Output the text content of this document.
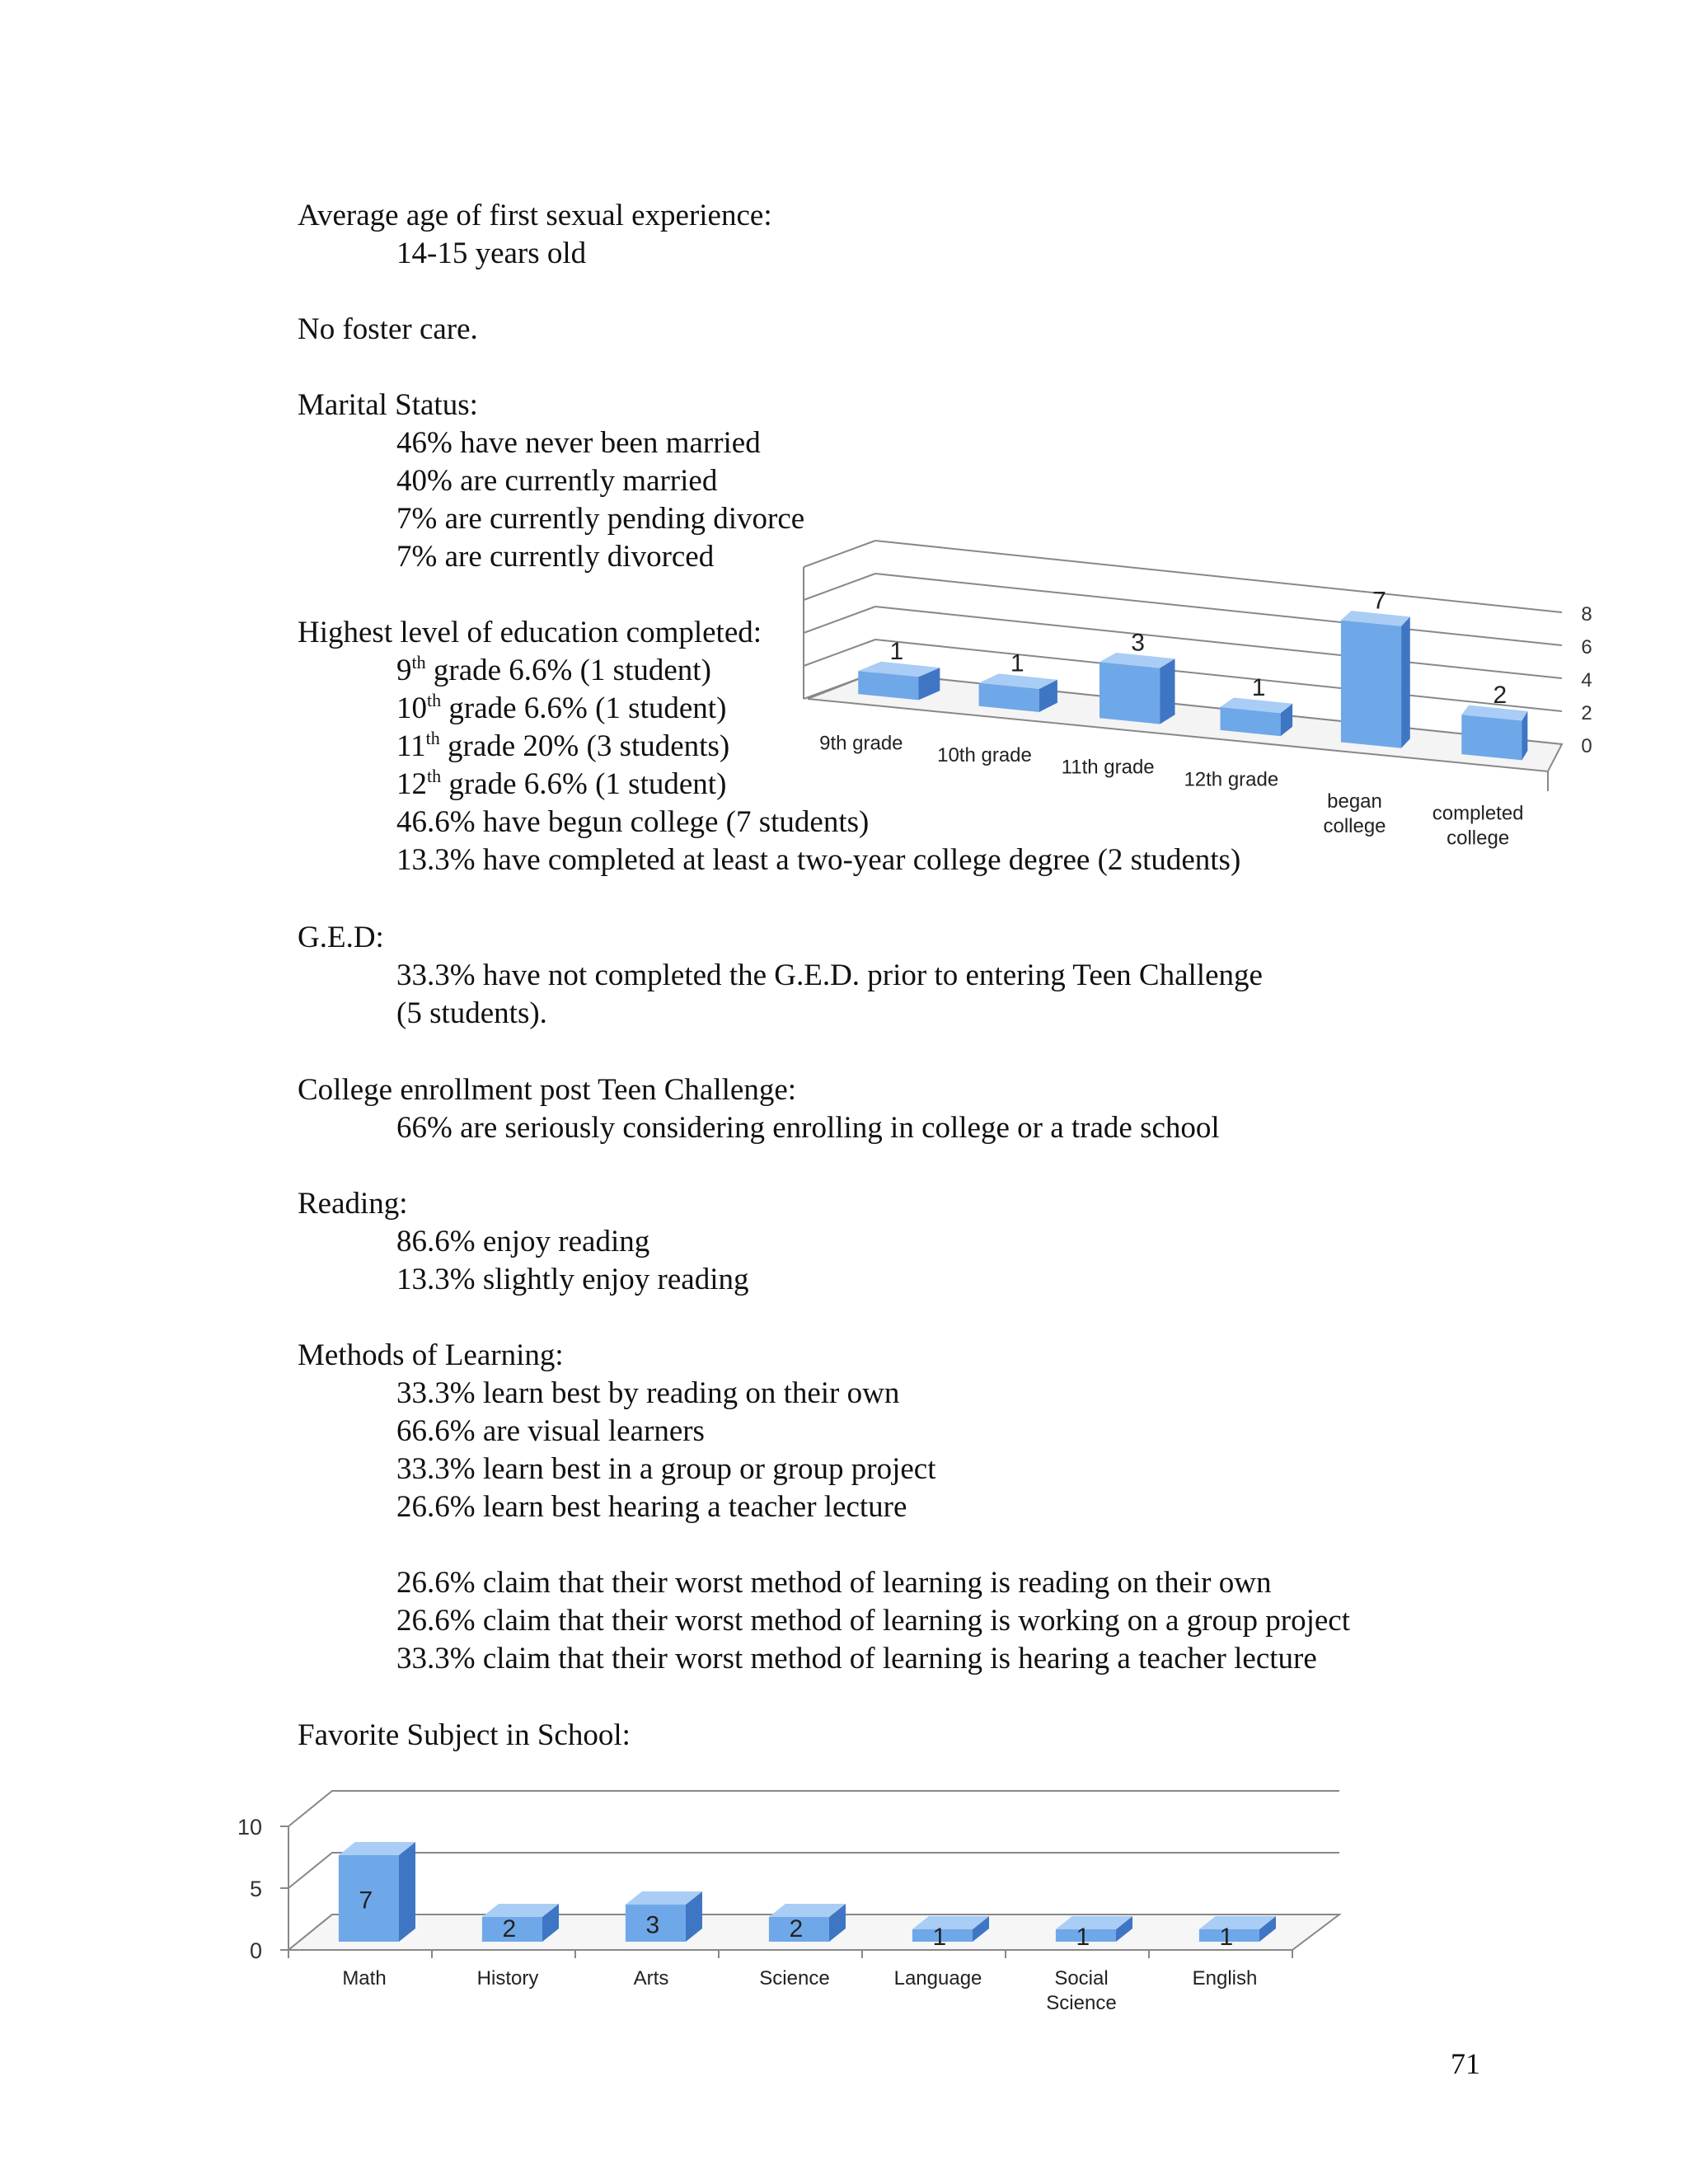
Average age of first sexual experience:
14-15 years old
No foster care.
Marital Status:
46% have never been married
40% are currently married
7% are currently pending divorce
7% are currently divorced
Highest level of education completed:
9th grade 6.6% (1 student)
10th grade 6.6% (1 student)
11th grade 20% (3 students)
12th grade 6.6% (1 student)
46.6% have begun college (7 students)
13.3% have completed at least a two-year college degree (2 students)
G.E.D:
33.3% have not completed the G.E.D. prior to entering Teen Challenge
(5 students).
College enrollment post Teen Challenge:
66% are seriously considering enrolling in college or a trade school
Reading:
86.6% enjoy reading
13.3% slightly enjoy reading
Methods of Learning:
33.3% learn best by reading on their own
66.6% are visual learners
33.3% learn best in a group or group project
26.6% learn best hearing a teacher lecture
26.6% claim that their worst method of learning is reading on their own
26.6% claim that their worst method of learning is working on a group project
33.3% claim that their worst method of learning is hearing a teacher lecture
Favorite Subject in School:
0
2
4
6
8
1
9th grade
1
10th grade
3
11th grade
1
12th grade
7
began
college
2
completed
college
0
5
10
7
Math
2
History
3
Arts
2
Science
1
Language
1
Social
Science
1
English
71
